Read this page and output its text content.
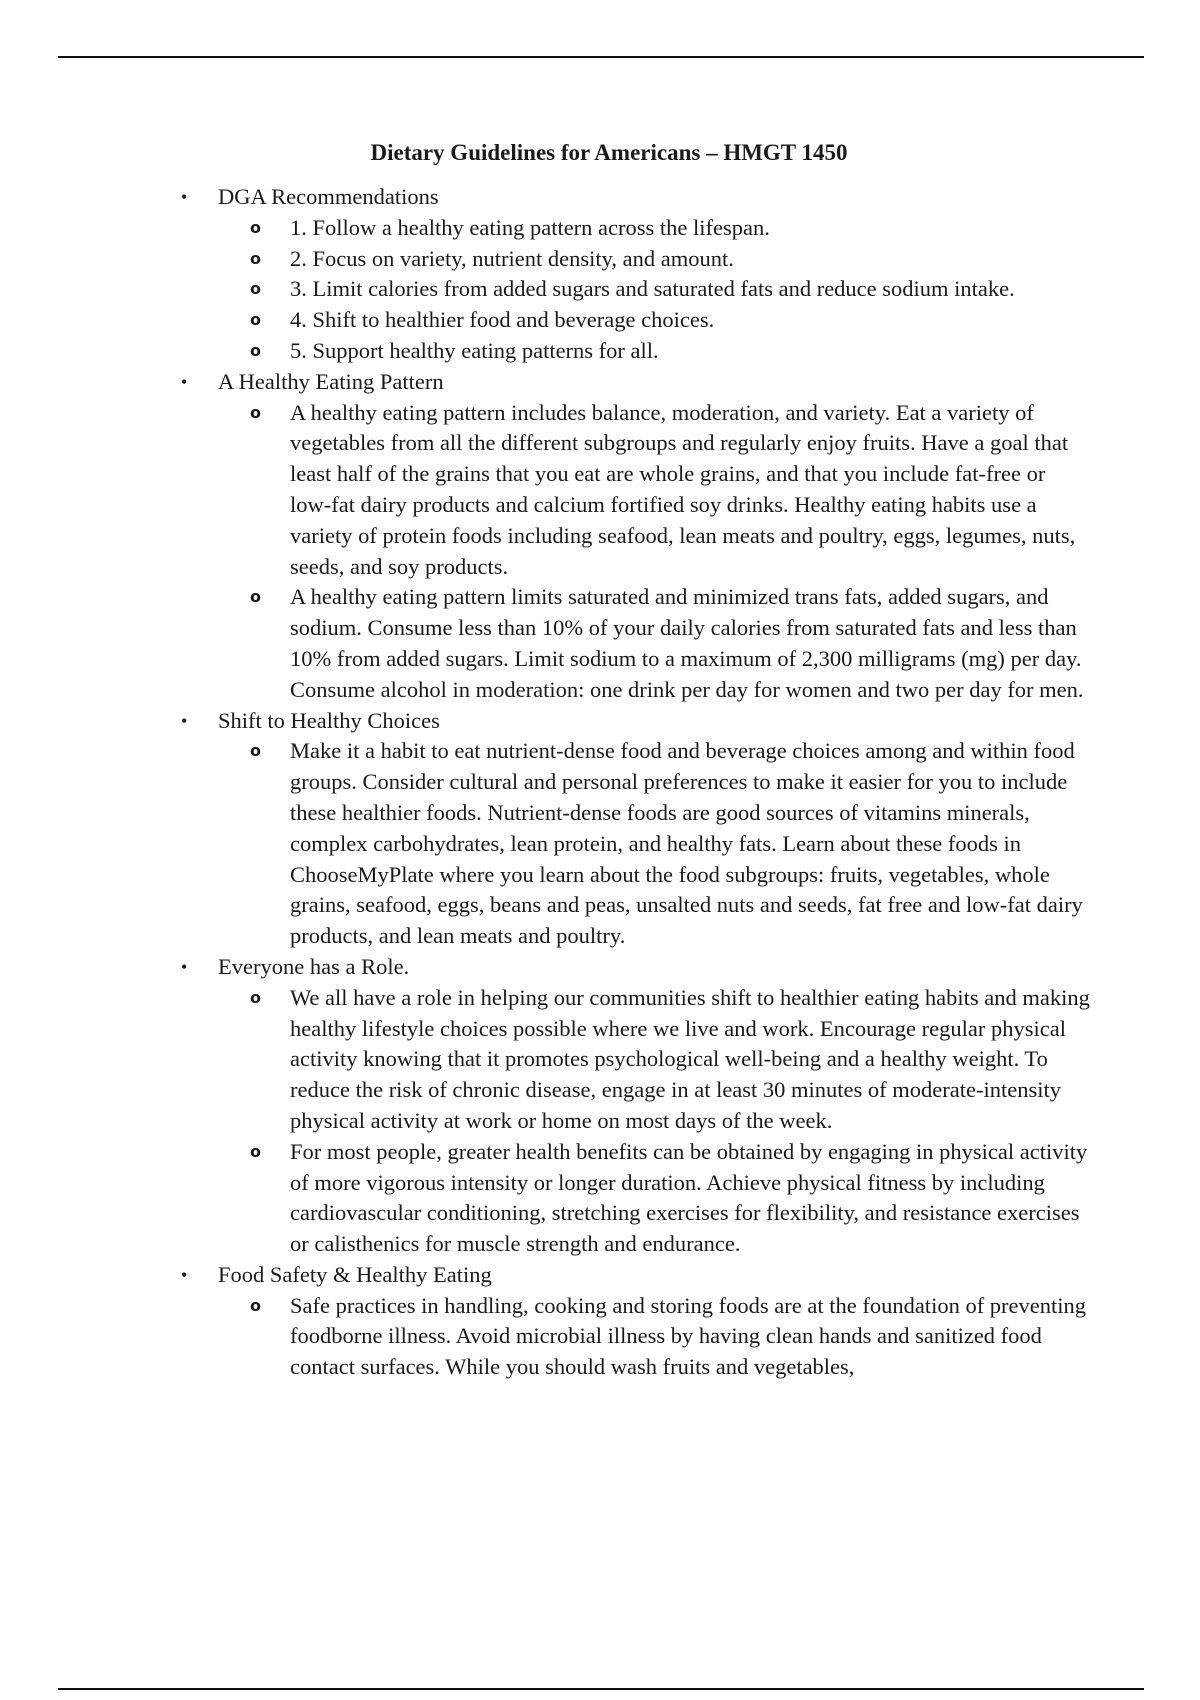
Dietary Guidelines for Americans – HMGT 1450
• DGA Recommendations
o 1. Follow a healthy eating pattern across the lifespan.
o 2. Focus on variety, nutrient density, and amount.
o 3. Limit calories from added sugars and saturated fats and reduce sodium intake.
o 4. Shift to healthier food and beverage choices.
o 5. Support healthy eating patterns for all.
• A Healthy Eating Pattern
o A healthy eating pattern includes balance, moderation, and variety. Eat a variety of vegetables from all the different subgroups and regularly enjoy fruits. Have a goal that least half of the grains that you eat are whole grains, and that you include fat-free or low-fat dairy products and calcium fortified soy drinks. Healthy eating habits use a variety of protein foods including seafood, lean meats and poultry, eggs, legumes, nuts, seeds, and soy products.
o A healthy eating pattern limits saturated and minimized trans fats, added sugars, and sodium. Consume less than 10% of your daily calories from saturated fats and less than 10% from added sugars. Limit sodium to a maximum of 2,300 milligrams (mg) per day. Consume alcohol in moderation: one drink per day for women and two per day for men.
• Shift to Healthy Choices
o Make it a habit to eat nutrient-dense food and beverage choices among and within food groups. Consider cultural and personal preferences to make it easier for you to include these healthier foods. Nutrient-dense foods are good sources of vitamins minerals, complex carbohydrates, lean protein, and healthy fats. Learn about these foods in ChooseMyPlate where you learn about the food subgroups: fruits, vegetables, whole grains, seafood, eggs, beans and peas, unsalted nuts and seeds, fat free and low-fat dairy products, and lean meats and poultry.
• Everyone has a Role.
o We all have a role in helping our communities shift to healthier eating habits and making healthy lifestyle choices possible where we live and work. Encourage regular physical activity knowing that it promotes psychological well-being and a healthy weight. To reduce the risk of chronic disease, engage in at least 30 minutes of moderate-intensity physical activity at work or home on most days of the week.
o For most people, greater health benefits can be obtained by engaging in physical activity of more vigorous intensity or longer duration. Achieve physical fitness by including cardiovascular conditioning, stretching exercises for flexibility, and resistance exercises or calisthenics for muscle strength and endurance.
• Food Safety & Healthy Eating
o Safe practices in handling, cooking and storing foods are at the foundation of preventing foodborne illness. Avoid microbial illness by having clean hands and sanitized food contact surfaces. While you should wash fruits and vegetables,
